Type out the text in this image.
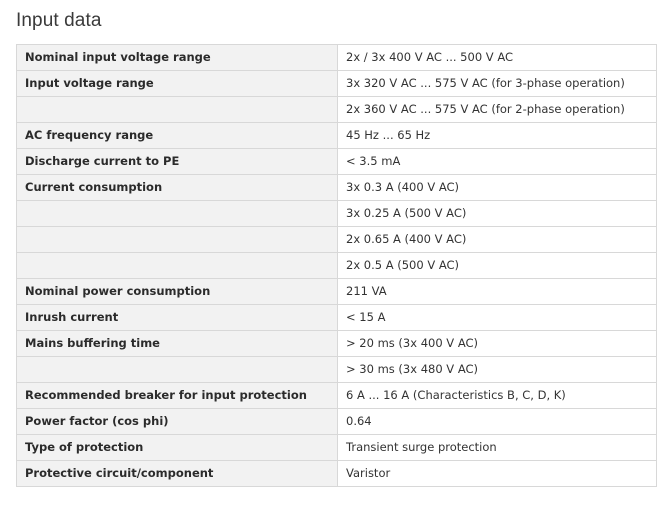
Input data
Nominal input voltage range	2x / 3x 400 V AC ... 500 V AC
Input voltage range	3x 320 V AC ... 575 V AC (for 3-phase operation)
	2x 360 V AC ... 575 V AC (for 2-phase operation)
AC frequency range	45 Hz ... 65 Hz
Discharge current to PE	< 3.5 mA
Current consumption	3x 0.3 A (400 V AC)
	3x 0.25 A (500 V AC)
	2x 0.65 A (400 V AC)
	2x 0.5 A (500 V AC)
Nominal power consumption	211 VA
Inrush current	< 15 A
Mains buffering time	> 20 ms (3x 400 V AC)
	> 30 ms (3x 480 V AC)
Recommended breaker for input protection	6 A ... 16 A (Characteristics B, C, D, K)
Power factor (cos phi)	0.64
Type of protection	Transient surge protection
Protective circuit/component	Varistor
